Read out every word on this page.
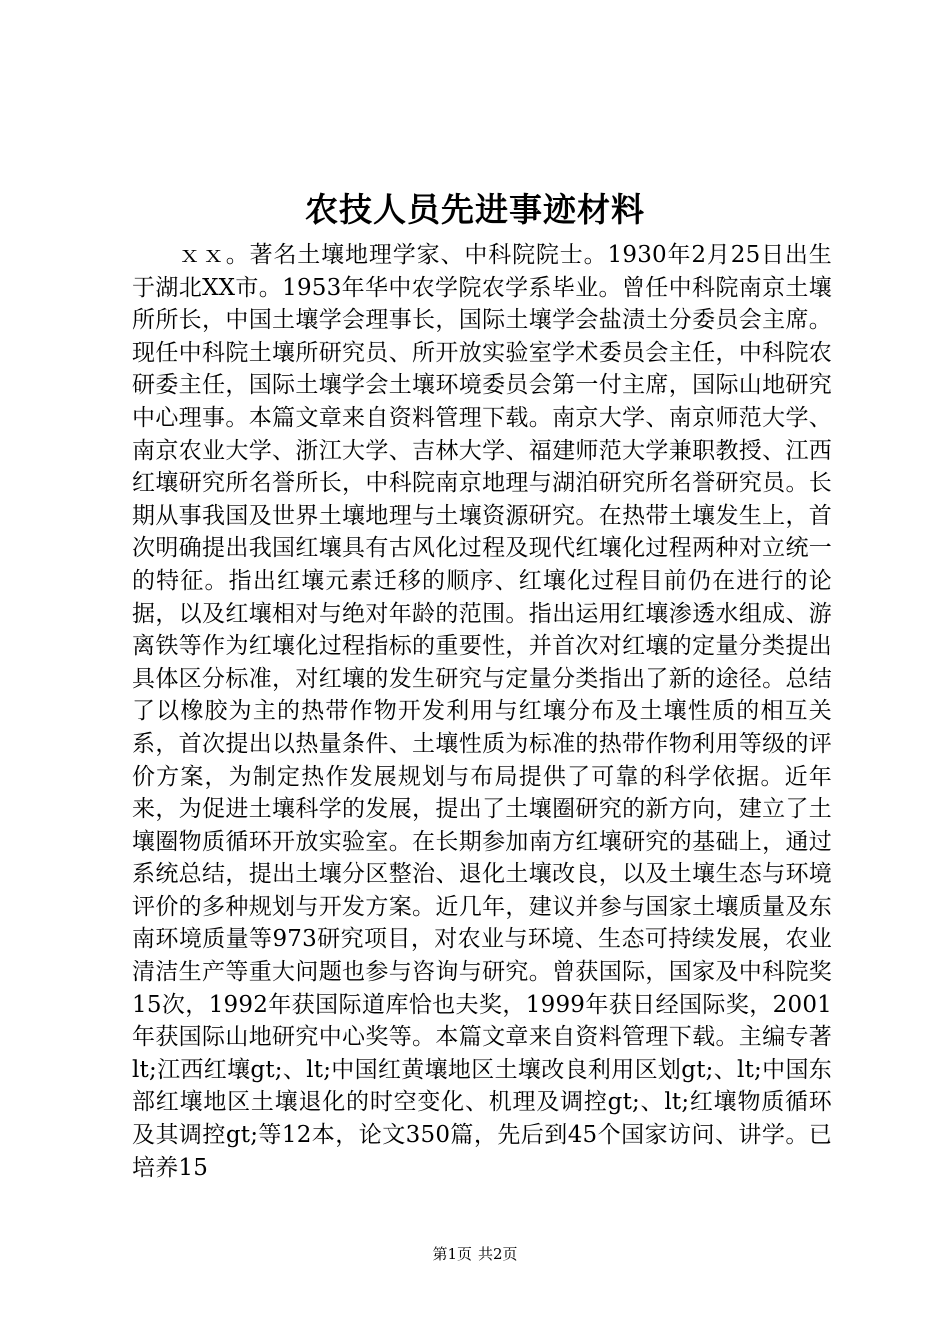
农技人员先进事迹材料

ｘｘ。著名土壤地理学家、中科院院士。1930年2月25日出生于湖北XX市。1953年华中农学院农学系毕业。曾任中科院南京土壤所所长，中国土壤学会理事长，国际土壤学会盐渍土分委员会主席。现任中科院土壤所研究员、所开放实验室学术委员会主任，中科院农研委主任，国际土壤学会土壤环境委员会第一付主席，国际山地研究中心理事。本篇文章来自资料管理下载。南京大学、南京师范大学、南京农业大学、浙江大学、吉林大学、福建师范大学兼职教授、江西红壤研究所名誉所长，中科院南京地理与湖泊研究所名誉研究员。长期从事我国及世界土壤地理与土壤资源研究。在热带土壤发生上，首次明确提出我国红壤具有古风化过程及现代红壤化过程两种对立统一的特征。指出红壤元素迁移的顺序、红壤化过程目前仍在进行的论据，以及红壤相对与绝对年龄的范围。指出运用红壤渗透水组成、游离铁等作为红壤化过程指标的重要性，并首次对红壤的定量分类提出具体区分标准，对红壤的发生研究与定量分类指出了新的途径。总结了以橡胶为主的热带作物开发利用与红壤分布及土壤性质的相互关系，首次提出以热量条件、土壤性质为标准的热带作物利用等级的评价方案，为制定热作发展规划与布局提供了可靠的科学依据。近年来，为促进土壤科学的发展，提出了土壤圈研究的新方向，建立了土壤圈物质循环开放实验室。在长期参加南方红壤研究的基础上，通过系统总结，提出土壤分区整治、退化土壤改良，以及土壤生态与环境评价的多种规划与开发方案。近几年，建议并参与国家土壤质量及东南环境质量等973研究项目，对农业与环境、生态可持续发展，农业清洁生产等重大问题也参与咨询与研究。曾获国际，国家及中科院奖15次，1992年获国际道库恰也夫奖，1999年获日经国际奖，2001年获国际山地研究中心奖等。本篇文章来自资料管理下载。主编专著lt;江西红壤gt;、lt;中国红黄壤地区土壤改良利用区划gt;、lt;中国东部红壤地区土壤退化的时空变化、机理及调控gt;、lt;红壤物质循环及其调控gt;等12本，论文350篇，先后到45个国家访问、讲学。已培养15

第1页 共2页
